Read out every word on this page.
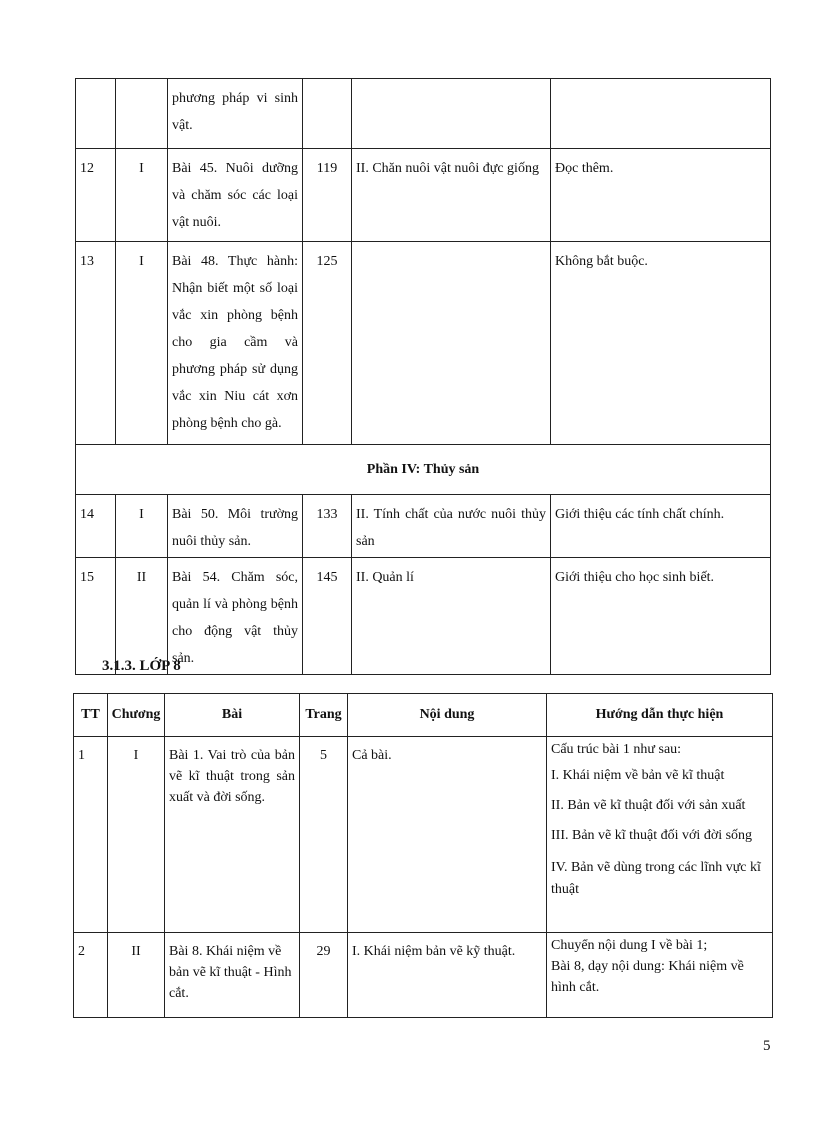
		phương pháp vi sinh vật.			
12	I	Bài 45. Nuôi dưỡng và chăm sóc các loại vật nuôi.	119	II. Chăn nuôi vật nuôi đực giống	Đọc thêm.
13	I	Bài 48. Thực hành: Nhận biết một số loại vắc xin phòng bệnh cho gia cầm và phương pháp sử dụng vắc xin Niu cát xơn phòng bệnh cho gà.	125		Không bắt buộc.
Phần IV: Thủy sản					
14	I	Bài 50. Môi trường nuôi thủy sản.	133	II. Tính chất của nước nuôi thủy sản	Giới thiệu các tính chất chính.
15	II	Bài 54. Chăm sóc, quản lí và phòng bệnh cho động vật thủy sản.	145	II. Quản lí	Giới thiệu cho học sinh biết.
3.1.3. LỚP 8
TT	Chương	Bài	Trang	Nội dung	Hướng dẫn thực hiện
1	I	Bài 1. Vai trò của bản vẽ kĩ thuật trong sản xuất và đời sống.	5	Cả bài.	Cấu trúc bài 1 như sau:
I. Khái niệm về bản vẽ kĩ thuật
II. Bản vẽ kĩ thuật đối với sản xuất
III. Bản vẽ kĩ thuật đối với đời sống
IV. Bản vẽ dùng trong các lĩnh vực kĩ thuật

2	II	Bài 8. Khái niệm về bản vẽ kĩ thuật - Hình cắt.	29	I. Khái niệm bản vẽ kỹ thuật.	Chuyển nội dung I về bài 1;
Bài 8, dạy nội dung: Khái niệm về hình cắt.
5
